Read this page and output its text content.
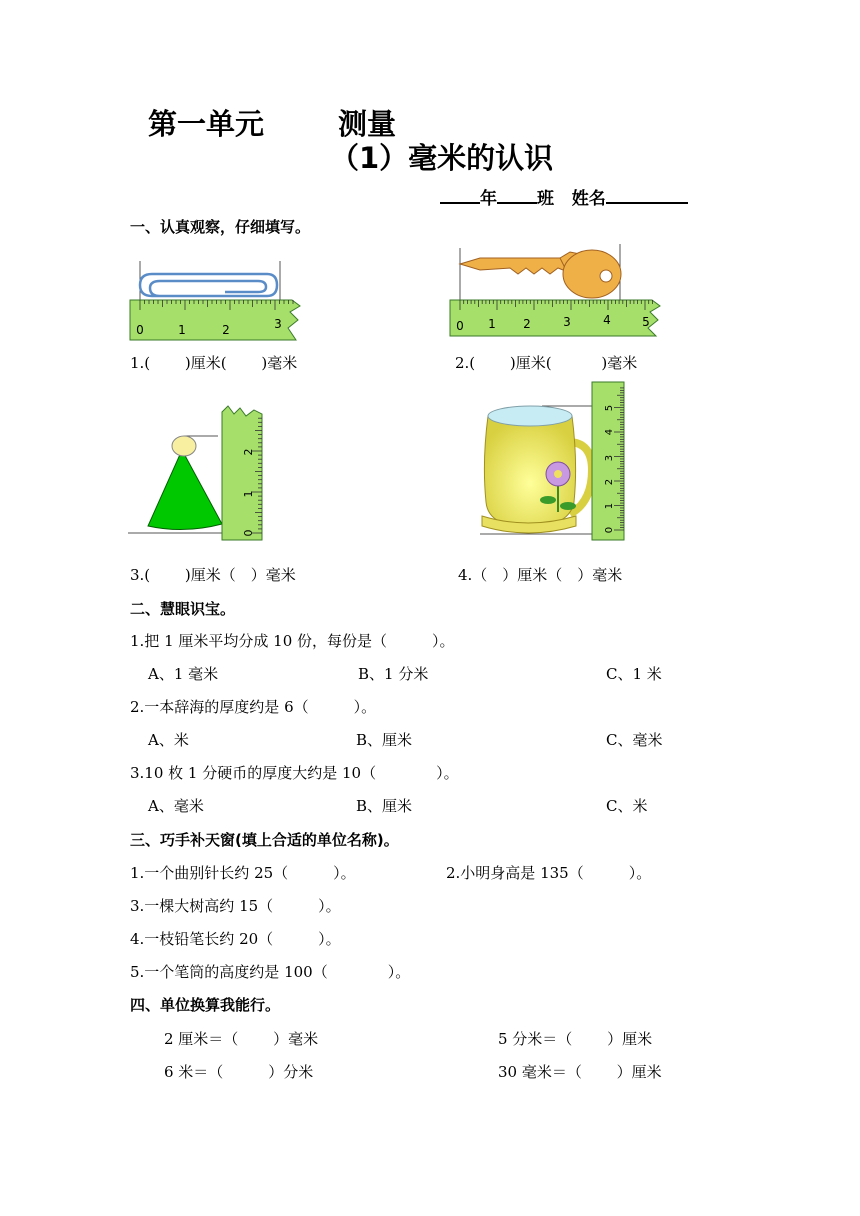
第一单元	测量
（1）毫米的认识
年 班 姓名
一、认真观察，仔细填写。
0	1	2	3
1.(　　 )厘米(　　 )毫米
0 1 2	3	4	5
2.(　　 )厘米(　　 　)毫米
0
1
2
3.(　　 )厘米（　）毫米
0
1
2
3
4
5
4.（　）厘米（　）毫米
二、慧眼识宝。
1.把 1 厘米平均分成 10 份，每份是（　　　）。
A、1 毫米	B、1 分米	C、1 米
2.一本辞海的厚度约是 6（　　　）。
A、米	B、厘米	C、毫米
3.10 枚 1 分硬币的厚度大约是 10（　　　　）。
A、毫米	B、厘米	C、米
三、巧手补天窗(填上合适的单位名称)。
1.一个曲别针长约 25（　　　）。	2.小明身高是 135（　　　）。
3.一棵大树高约 15（　　　）。
4.一枝铅笔长约 20（　　　）。
5.一个笔筒的高度约是 100（　　　　）。
四、单位换算我能行。
2 厘米＝（　　 ）毫米	5 分米＝（　　 ）厘米
6 米＝（　　　）分米	30 毫米＝（　　 ）厘米
